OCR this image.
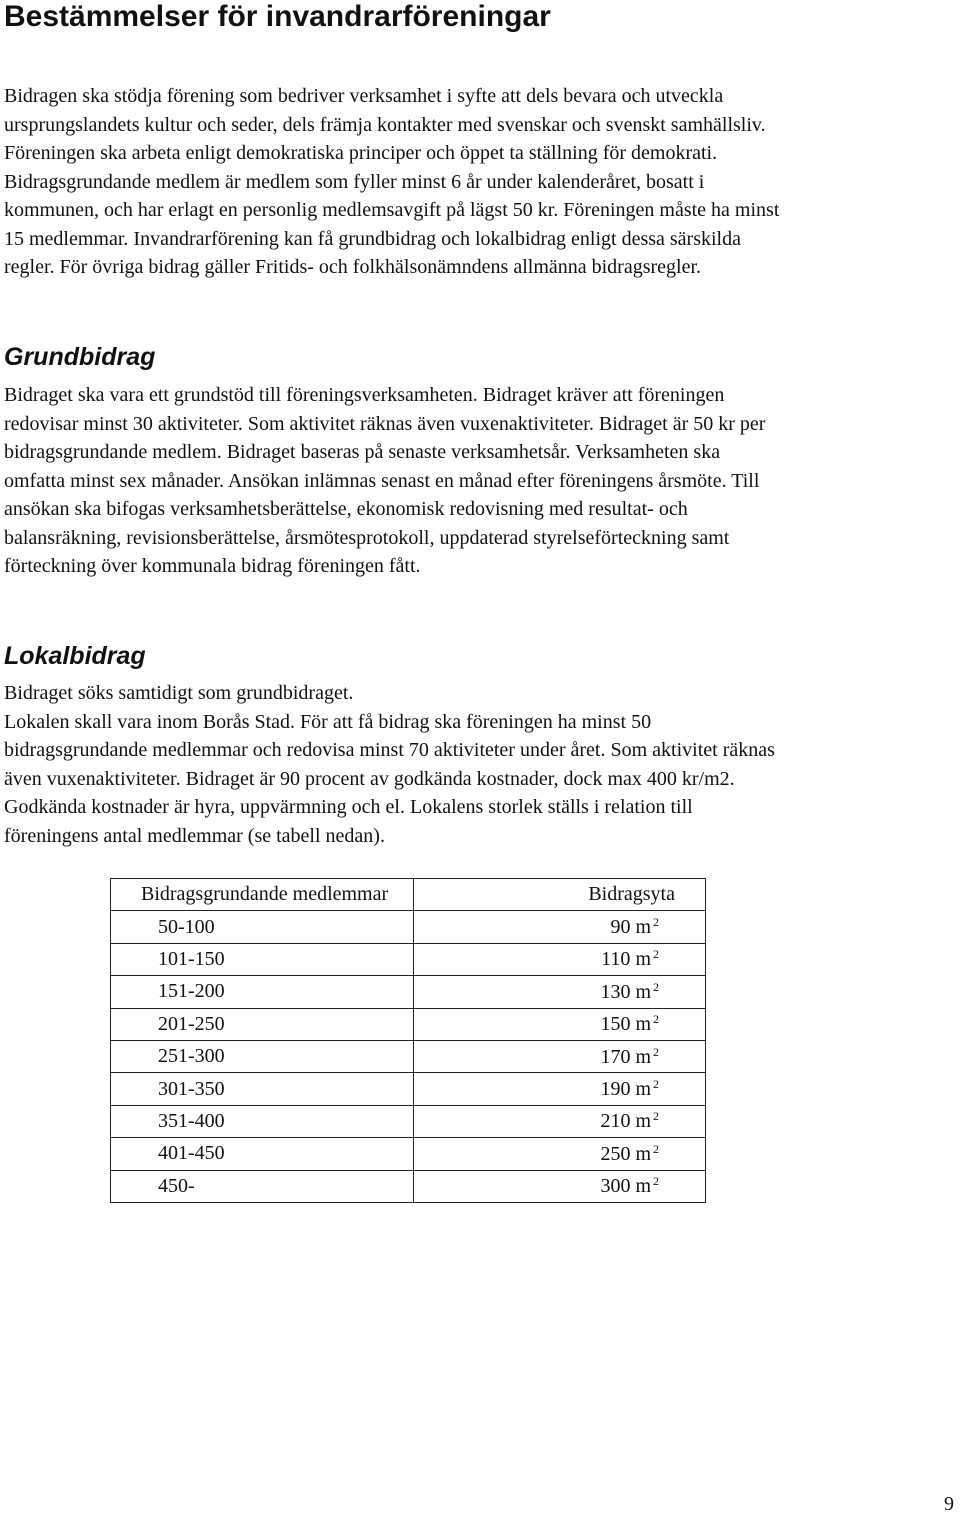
Bestämmelser för invandrarföreningar
Bidragen ska stödja förening som bedriver verksamhet i syfte att dels bevara och utveckla
ursprungslandets kultur och seder, dels främja kontakter med svenskar och svenskt samhällsliv.
Föreningen ska arbeta enligt demokratiska principer och öppet ta ställning för demokrati.
Bidragsgrundande medlem är medlem som fyller minst 6 år under kalenderåret, bosatt i
kommunen, och har erlagt en personlig medlemsavgift på lägst 50 kr. Föreningen måste ha minst
15 medlemmar. Invandrarförening kan få grundbidrag och lokalbidrag enligt dessa särskilda
regler. För övriga bidrag gäller Fritids- och folkhälsonämndens allmänna bidragsregler.
Grundbidrag
Bidraget ska vara ett grundstöd till föreningsverksamheten. Bidraget kräver att föreningen
redovisar minst 30 aktiviteter. Som aktivitet räknas även vuxenaktiviteter. Bidraget är 50 kr per
bidragsgrundande medlem. Bidraget baseras på senaste verksamhetsår. Verksamheten ska
omfatta minst sex månader. Ansökan inlämnas senast en månad efter föreningens årsmöte. Till
ansökan ska bifogas verksamhetsberättelse, ekonomisk redovisning med resultat- och
balansräkning, revisionsberättelse, årsmötesprotokoll, uppdaterad styrelseförteckning samt
förteckning över kommunala bidrag föreningen fått.
Lokalbidrag
Bidraget söks samtidigt som grundbidraget.
Lokalen skall vara inom Borås Stad. För att få bidrag ska föreningen ha minst 50
bidragsgrundande medlemmar och redovisa minst 70 aktiviteter under året. Som aktivitet räknas
även vuxenaktiviteter. Bidraget är 90 procent av godkända kostnader, dock max 400 kr/m2.
Godkända kostnader är hyra, uppvärmning och el. Lokalens storlek ställs i relation till
föreningens antal medlemmar (se tabell nedan).
Bidragsgrundande medlemmar	Bidragsyta
50-100	90 m $^2$
101-150	110 m $^2$
151-200	130 m $^2$
201-250	150 m $^2$
251-300	170 m $^2$
301-350	190 m $^2$
351-400	210 m $^2$
401-450	250 m $^2$
450-	300 m $^2$
9
